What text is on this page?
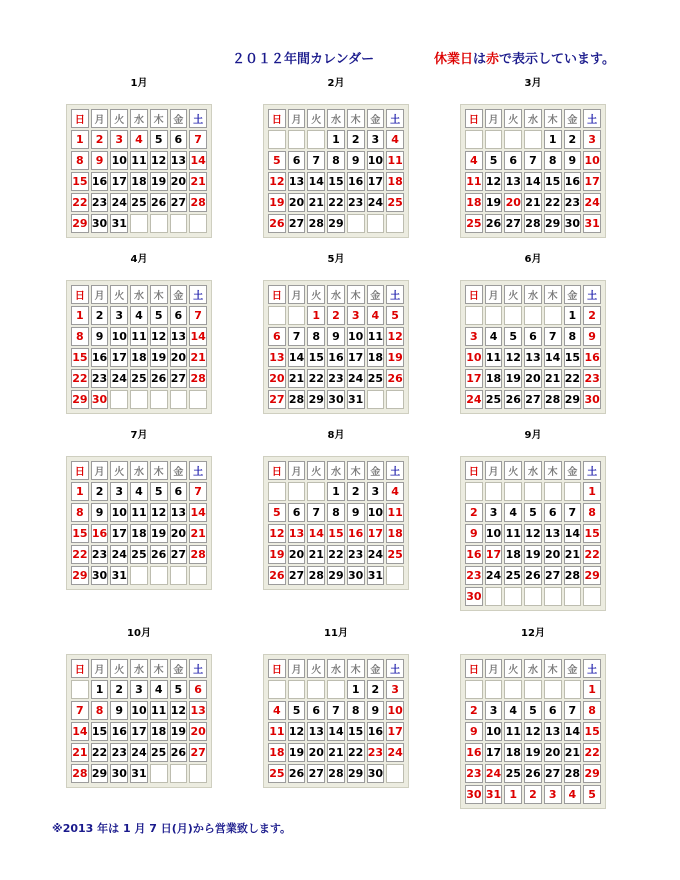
２０１２年間カレンダー	休業日は赤で表示しています。
1月
日	月	火	水	木	金	土
1	2	3	4	5	6	7
8	9	10	11	12	13	14
15	16	17	18	19	20	21
22	23	24	25	26	27	28
29	30	31				
2月
日	月	火	水	木	金	土
			1	2	3	4
5	6	7	8	9	10	11
12	13	14	15	16	17	18
19	20	21	22	23	24	25
26	27	28	29			
3月
日	月	火	水	木	金	土
				1	2	3
4	5	6	7	8	9	10
11	12	13	14	15	16	17
18	19	20	21	22	23	24
25	26	27	28	29	30	31
4月
日	月	火	水	木	金	土
1	2	3	4	5	6	7
8	9	10	11	12	13	14
15	16	17	18	19	20	21
22	23	24	25	26	27	28
29	30					
5月
日	月	火	水	木	金	土
		1	2	3	4	5
6	7	8	9	10	11	12
13	14	15	16	17	18	19
20	21	22	23	24	25	26
27	28	29	30	31		
6月
日	月	火	水	木	金	土
					1	2
3	4	5	6	7	8	9
10	11	12	13	14	15	16
17	18	19	20	21	22	23
24	25	26	27	28	29	30
7月
日	月	火	水	木	金	土
1	2	3	4	5	6	7
8	9	10	11	12	13	14
15	16	17	18	19	20	21
22	23	24	25	26	27	28
29	30	31				
8月
日	月	火	水	木	金	土
			1	2	3	4
5	6	7	8	9	10	11
12	13	14	15	16	17	18
19	20	21	22	23	24	25
26	27	28	29	30	31	
9月
日	月	火	水	木	金	土
						1
2	3	4	5	6	7	8
9	10	11	12	13	14	15
16	17	18	19	20	21	22
23	24	25	26	27	28	29
30						
10月
日	月	火	水	木	金	土
	1	2	3	4	5	6
7	8	9	10	11	12	13
14	15	16	17	18	19	20
21	22	23	24	25	26	27
28	29	30	31			
11月
日	月	火	水	木	金	土
				1	2	3
4	5	6	7	8	9	10
11	12	13	14	15	16	17
18	19	20	21	22	23	24
25	26	27	28	29	30	
12月
日	月	火	水	木	金	土
						1
2	3	4	5	6	7	8
9	10	11	12	13	14	15
16	17	18	19	20	21	22
23	24	25	26	27	28	29
30	31	1	2	3	4	5
※2013 年は 1 月 7 日(月)から営業致します。
